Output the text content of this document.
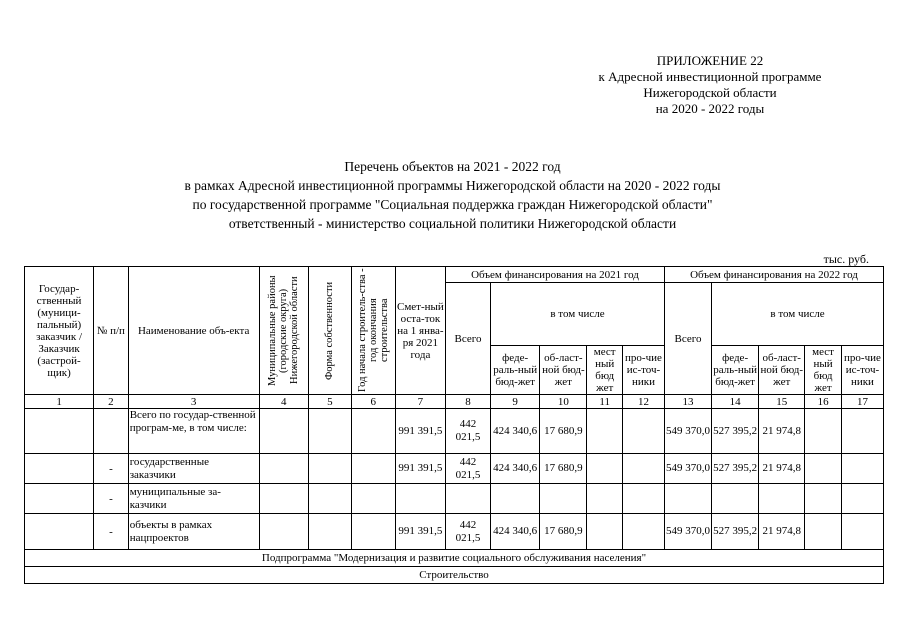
ПРИЛОЖЕНИЕ 22
к Адресной инвестиционной программе
Нижегородской области
на 2020 - 2022 годы
Перечень объектов на 2021 - 2022 год
в рамках Адресной инвестиционной программы Нижегородской области на 2020 - 2022 годы
по государственной программе "Социальная поддержка граждан Нижегородской области"
ответственный - министерство социальной политики Нижегородской области
тыс. руб.
Государ-ственный (муници-пальный) заказчик / Заказчик (застрой-щик)	№ п/п	Наименование объ-екта	Муниципальные районы (городские округа) Нижегородской области	Форма собственности	Год начала строитель-ства - год окончания строительства	Смет-ный оста-ток на 1 янва-ря 2021 года	Объем финансирования на 2021 год					Объем финансирования на 2022 год				
							Всего	в том числе				Всего	в том числе			
								феде-раль-ный бюд-жет	об-ласт-ной бюд-жет	мест ный бюд жет	про-чие ис-точ-ники		феде-раль-ный бюд-жет	об-ласт-ной бюд-жет	мест ный бюд жет	про-чие ис-точ-ники
1	2	3	4	5	6	7	8	9	10	11	12	13	14	15	16	17
		Всего по государ-ственной програм-ме, в том числе:				991 391,5	442 021,5	424 340,6	17 680,9			549 370,0	527 395,2	21 974,8		
	-	государственные заказчики				991 391,5	442 021,5	424 340,6	17 680,9			549 370,0	527 395,2	21 974,8		
	-	муниципальные за-казчики														
	-	объекты в рамках нацпроектов				991 391,5	442 021,5	424 340,6	17 680,9			549 370,0	527 395,2	21 974,8		
Подпрограмма "Модернизация и развитие социального обслуживания населения"																
Строительство																
